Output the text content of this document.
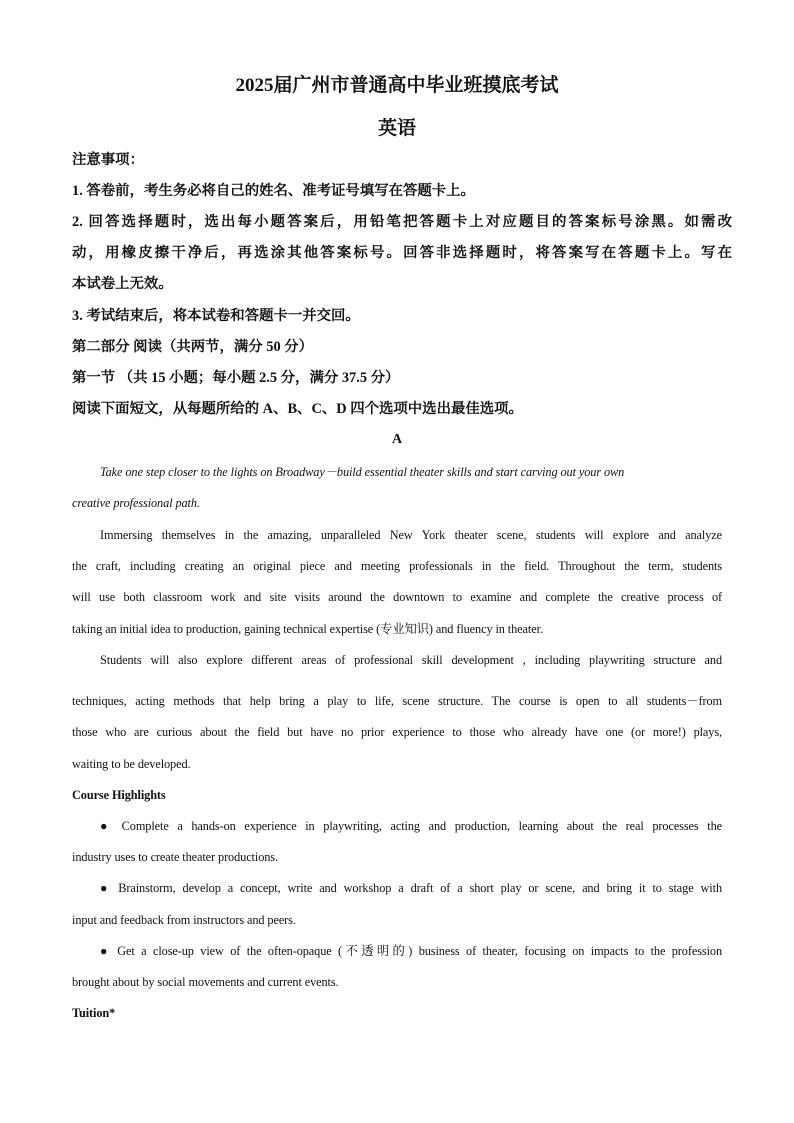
2025届广州市普通高中毕业班摸底考试
英语
注意事项：
1. 答卷前，考生务必将自己的姓名、准考证号填写在答题卡上。
2. 回答选择题时，选出每小题答案后，用铅笔把答题卡上对应题目的答案标号涂黑。如需改
动，用橡皮擦干净后，再选涂其他答案标号。回答非选择题时，将答案写在答题卡上。写在
本试卷上无效。
3. 考试结束后，将本试卷和答题卡一并交回。
第二部分 阅读（共两节，满分 50 分）
第一节 （共 15 小题；每小题 2.5 分，满分 37.5 分）
阅读下面短文，从每题所给的 A、B、C、D 四个选项中选出最佳选项。
A
Take one step closer to the lights on Broadway－build essential theater skills and start carving out your own
creative professional path.
Immersing themselves in the amazing, unparalleled New York theater scene, students will explore and analyze
the craft, including creating an original piece and meeting professionals in the field. Throughout the term, students
will use both classroom work and site visits around the downtown to examine and complete the creative process of
taking an initial idea to production, gaining technical expertise (专业知识) and fluency in theater.
Students will also explore different areas of professional skill development , including playwriting structure and
techniques, acting methods that help bring a play to life, scene structure. The course is open to all students－from
those who are curious about the field but have no prior experience to those who already have one (or more!) plays,
waiting to be developed.
Course Highlights
● Complete a hands-on experience in playwriting, acting and production, learning about the real processes the
industry uses to create theater productions.
● Brainstorm, develop a concept, write and workshop a draft of a short play or scene, and bring it to stage with
input and feedback from instructors and peers.
● Get a close-up view of the often-opaque (不透明的) business of theater, focusing on impacts to the profession
brought about by social movements and current events.
Tuition*
